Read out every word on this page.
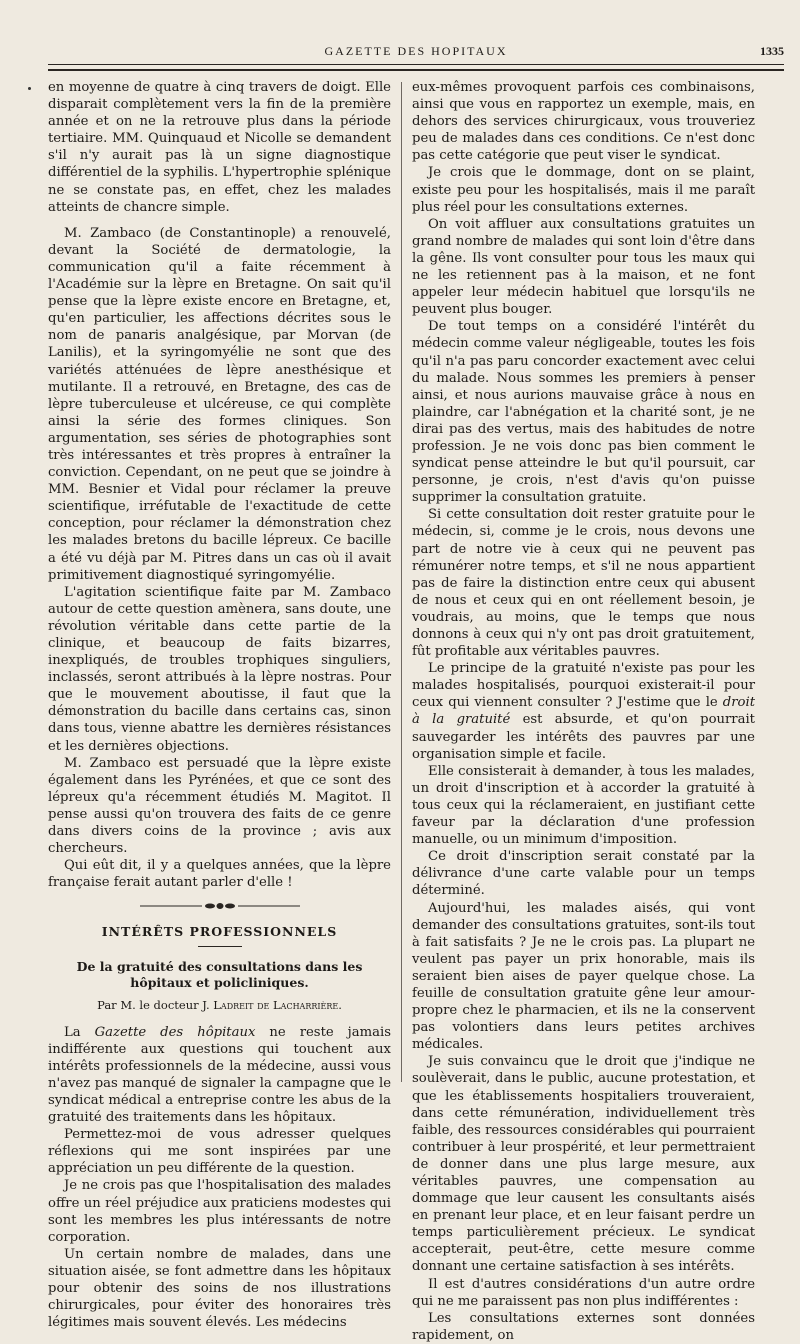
GAZETTE DES HOPITAUX	1335

en moyenne de quatre à cinq travers de doigt. Elle disparait complètement vers la fin de la première année et on ne la retrouve plus dans la période tertiaire. MM. Quinquaud et Nicolle se demandent s'il n'y aurait pas là un signe diagnostique différentiel de la syphilis. L'hypertrophie splénique ne se constate pas, en effet, chez les malades atteints de chancre simple.

M. Zambaco (de Constantinople) a renouvelé, devant la Société de dermatologie, la communication qu'il a faite récemment à l'Académie sur la lèpre en Bretagne. On sait qu'il pense que la lèpre existe encore en Bretagne, et, qu'en particulier, les affections décrites sous le nom de panaris analgésique, par Morvan (de Lanilis), et la syringomyélie ne sont que des variétés atténuées de lèpre anesthésique et mutilante. Il a retrouvé, en Bretagne, des cas de lèpre tuberculeuse et ulcéreuse, ce qui complète ainsi la série des formes cliniques. Son argumentation, ses séries de photographies sont très intéressantes et très propres à entraîner la conviction. Cependant, on ne peut que se joindre à MM. Besnier et Vidal pour réclamer la preuve scientifique, irréfutable de l'exactitude de cette conception, pour réclamer la démonstration chez les malades bretons du bacille lépreux. Ce bacille a été vu déjà par M. Pitres dans un cas où il avait primitivement diagnostiqué syringomyélie.

L'agitation scientifique faite par M. Zambaco autour de cette question amènera, sans doute, une révolution véritable dans cette partie de la clinique, et beaucoup de faits bizarres, inexpliqués, de troubles trophiques singuliers, inclassés, seront attribués à la lèpre nostras. Pour que le mouvement aboutisse, il faut que la démonstration du bacille dans certains cas, sinon dans tous, vienne abattre les dernières résistances et les dernières objections.

M. Zambaco est persuadé que la lèpre existe également dans les Pyrénées, et que ce sont des lépreux qu'a récemment étudiés M. Magitot. Il pense aussi qu'on trouvera des faits de ce genre dans divers coins de la province ; avis aux chercheurs.

Qui eût dit, il y a quelques années, que la lèpre française ferait autant parler d'elle !

INTÉRÊTS PROFESSIONNELS

De la gratuité des consultations dans les hôpitaux et policliniques.

Par M. le docteur J. Ladreit de Lacharrière.

La Gazette des hôpitaux ne reste jamais indifférente aux questions qui touchent aux intérêts professionnels de la médecine, aussi vous n'avez pas manqué de signaler la campagne que le syndicat médical a entreprise contre les abus de la gratuité des traitements dans les hôpitaux.

Permettez-moi de vous adresser quelques réflexions qui me sont inspirées par une appréciation un peu différente de la question.

Je ne crois pas que l'hospitalisation des malades offre un réel préjudice aux praticiens modestes qui sont les membres les plus intéressants de notre corporation.

Un certain nombre de malades, dans une situation aisée, se font admettre dans les hôpitaux pour obtenir des soins de nos illustrations chirurgicales, pour éviter des honoraires très légitimes mais souvent élevés. Les médecins

eux-mêmes provoquent parfois ces combinaisons, ainsi que vous en rapportez un exemple, mais, en dehors des services chirurgicaux, vous trouveriez peu de malades dans ces conditions. Ce n'est donc pas cette catégorie que peut viser le syndicat.

Je crois que le dommage, dont on se plaint, existe peu pour les hospitalisés, mais il me paraît plus réel pour les consultations externes.

On voit affluer aux consultations gratuites un grand nombre de malades qui sont loin d'être dans la gêne. Ils vont consulter pour tous les maux qui ne les retiennent pas à la maison, et ne font appeler leur médecin habituel que lorsqu'ils ne peuvent plus bouger.

De tout temps on a considéré l'intérêt du médecin comme valeur négligeable, toutes les fois qu'il n'a pas paru concorder exactement avec celui du malade. Nous sommes les premiers à penser ainsi, et nous aurions mauvaise grâce à nous en plaindre, car l'abnégation et la charité sont, je ne dirai pas des vertus, mais des habitudes de notre profession. Je ne vois donc pas bien comment le syndicat pense atteindre le but qu'il poursuit, car personne, je crois, n'est d'avis qu'on puisse supprimer la consultation gratuite.

Si cette consultation doit rester gratuite pour le médecin, si, comme je le crois, nous devons une part de notre vie à ceux qui ne peuvent pas rémunérer notre temps, et s'il ne nous appartient pas de faire la distinction entre ceux qui abusent de nous et ceux qui en ont réellement besoin, je voudrais, au moins, que le temps que nous donnons à ceux qui n'y ont pas droit gratuitement, fût profitable aux véritables pauvres.

Le principe de la gratuité n'existe pas pour les malades hospitalisés, pourquoi existerait-il pour ceux qui viennent consulter ? J'estime que le droit à la gratuité est absurde, et qu'on pourrait sauvegarder les intérêts des pauvres par une organisation simple et facile.

Elle consisterait à demander, à tous les malades, un droit d'inscription et à accorder la gratuité à tous ceux qui la réclameraient, en justifiant cette faveur par la déclaration d'une profession manuelle, ou un minimum d'imposition.

Ce droit d'inscription serait constaté par la délivrance d'une carte valable pour un temps déterminé.

Aujourd'hui, les malades aisés, qui vont demander des consultations gratuites, sont-ils tout à fait satisfaits ? Je ne le crois pas. La plupart ne veulent pas payer un prix honorable, mais ils seraient bien aises de payer quelque chose. La feuille de consultation gratuite gêne leur amour-propre chez le pharmacien, et ils ne la conservent pas volontiers dans leurs petites archives médicales.

Je suis convaincu que le droit que j'indique ne soulèverait, dans le public, aucune protestation, et que les établissements hospitaliers trouveraient, dans cette rémunération, individuellement très faible, des ressources considérables qui pourraient contribuer à leur prospérité, et leur permettraient de donner dans une plus large mesure, aux véritables pauvres, une compensation au dommage que leur causent les consultants aisés en prenant leur place, et en leur faisant perdre un temps particulièrement précieux. Le syndicat accepterait, peut-être, cette mesure comme donnant une certaine satisfaction à ses intérêts.

Il est d'autres considérations d'un autre ordre qui ne me paraissent pas non plus indifférentes :

Les consultations externes sont données rapidement, on
